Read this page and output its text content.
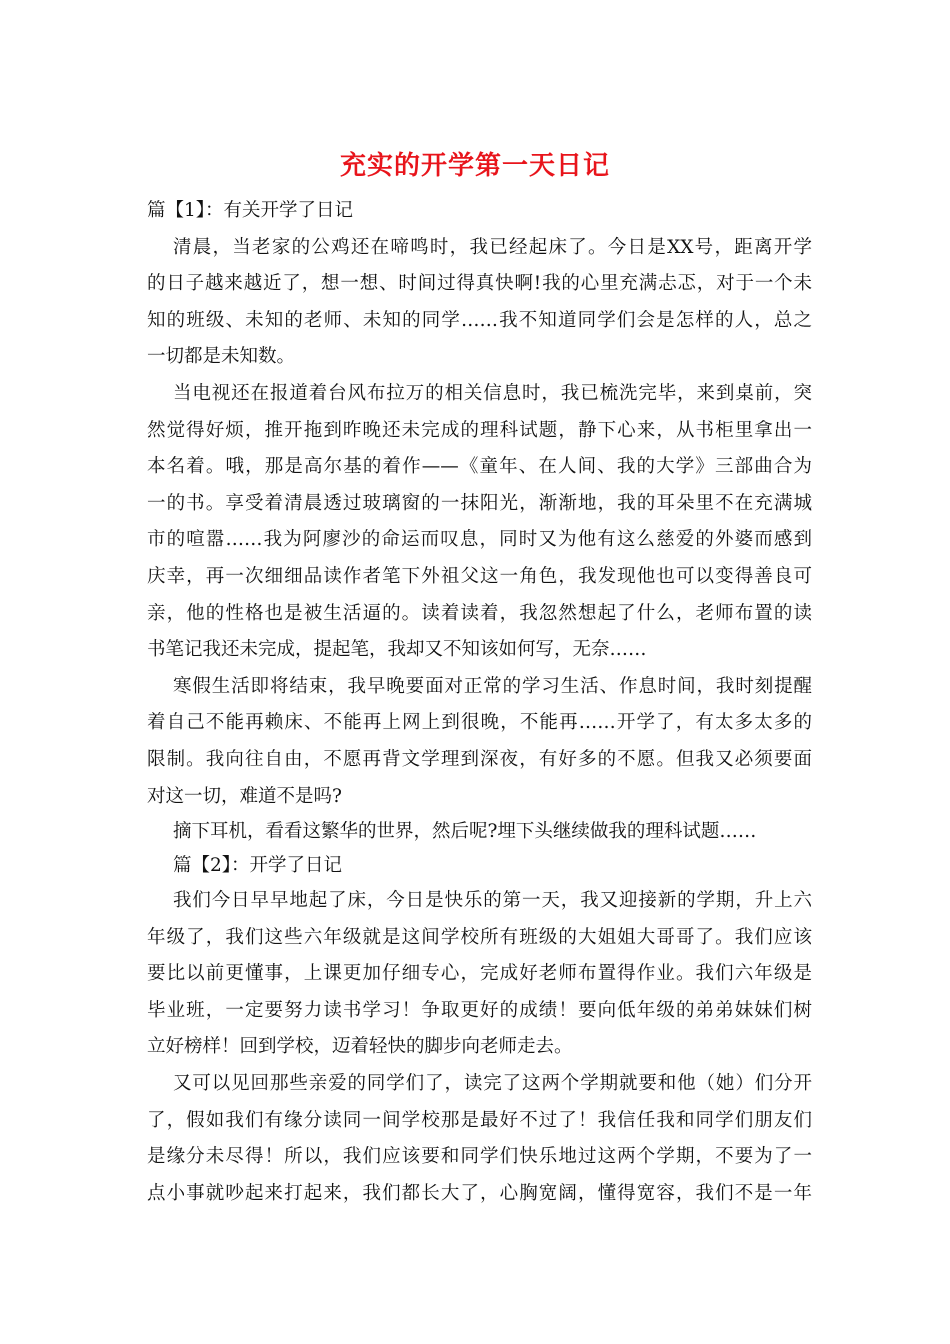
充实的开学第一天日记
篇【1】：有关开学了日记
清晨，当老家的公鸡还在啼鸣时，我已经起床了。今日是XX号，距离开学
的日子越来越近了，想一想、时间过得真快啊!我的心里充满忐忑，对于一个未
知的班级、未知的老师、未知的同学……我不知道同学们会是怎样的人，总之
一切都是未知数。
当电视还在报道着台风布拉万的相关信息时，我已梳洗完毕，来到桌前，突
然觉得好烦，推开拖到昨晚还未完成的理科试题，静下心来，从书柜里拿出一
本名着。哦，那是高尔基的着作——《童年、在人间、我的大学》三部曲合为
一的书。享受着清晨透过玻璃窗的一抹阳光，渐渐地，我的耳朵里不在充满城
市的喧嚣……我为阿廖沙的命运而叹息，同时又为他有这么慈爱的外婆而感到
庆幸，再一次细细品读作者笔下外祖父这一角色，我发现他也可以变得善良可
亲，他的性格也是被生活逼的。读着读着，我忽然想起了什么，老师布置的读
书笔记我还未完成，提起笔，我却又不知该如何写，无奈……
寒假生活即将结束，我早晚要面对正常的学习生活、作息时间，我时刻提醒
着自己不能再赖床、不能再上网上到很晚，不能再……开学了，有太多太多的
限制。我向往自由，不愿再背文学理到深夜，有好多的不愿。但我又必须要面
对这一切，难道不是吗?
摘下耳机，看看这繁华的世界，然后呢?埋下头继续做我的理科试题……
篇【2】：开学了日记
我们今日早早地起了床，今日是快乐的第一天，我又迎接新的学期，升上六
年级了，我们这些六年级就是这间学校所有班级的大姐姐大哥哥了。我们应该
要比以前更懂事，上课更加仔细专心，完成好老师布置得作业。我们六年级是
毕业班，一定要努力读书学习！争取更好的成绩！要向低年级的弟弟妹妹们树
立好榜样！回到学校，迈着轻快的脚步向老师走去。
又可以见回那些亲爱的同学们了，读完了这两个学期就要和他（她）们分开
了，假如我们有缘分读同一间学校那是最好不过了！我信任我和同学们朋友们
是缘分未尽得！所以，我们应该要和同学们快乐地过这两个学期，不要为了一
点小事就吵起来打起来，我们都长大了，心胸宽阔，懂得宽容，我们不是一年
